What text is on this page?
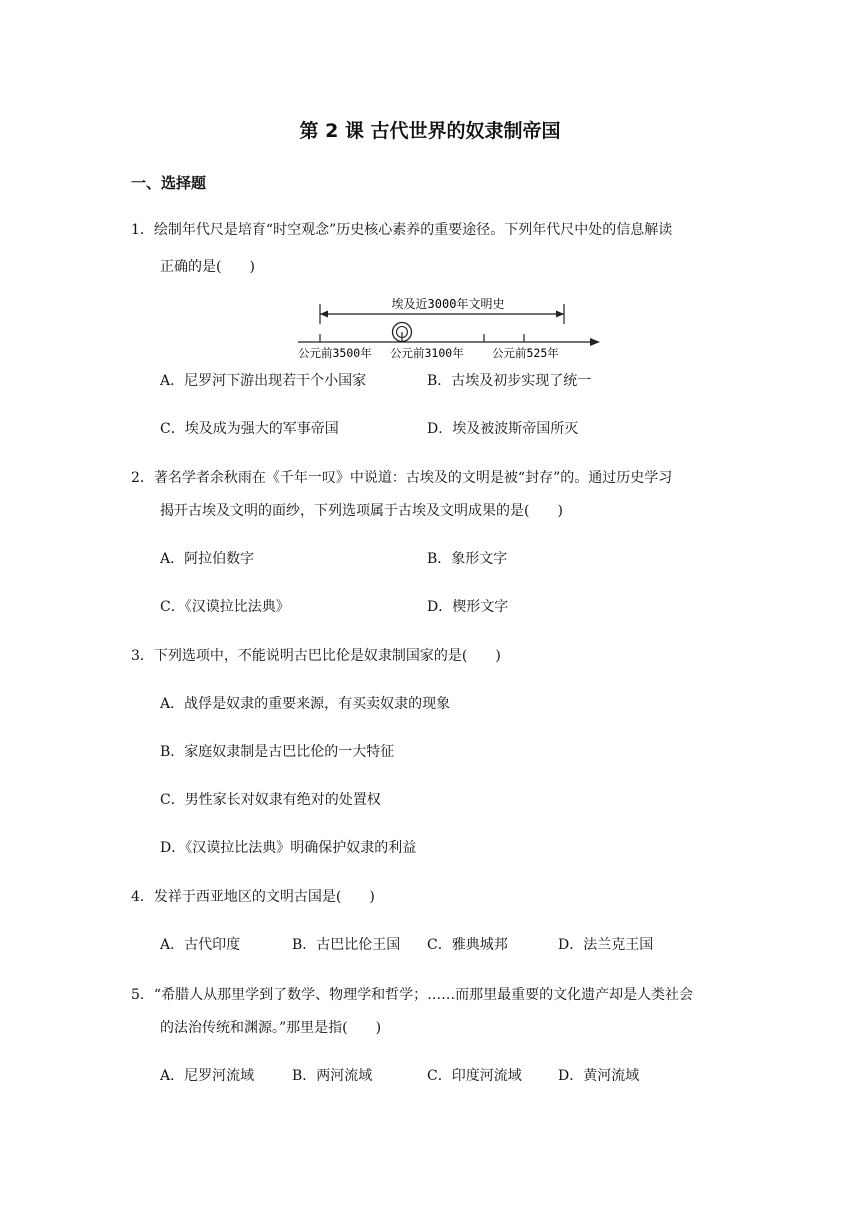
第 2 课 古代世界的奴隶制帝国
一、选择题
1．绘制年代尺是培育“时空观念”历史核心素养的重要途径。下列年代尺中处的信息解读
正确的是(　　)
埃及近3000年文明史
公元前3500年 公元前3100年 公元前525年
A．尼罗河下游出现若干个小国家	B．古埃及初步实现了统一
C．埃及成为强大的军事帝国	D．埃及被波斯帝国所灭
2．著名学者余秋雨在《千年一叹》中说道：古埃及的文明是被“封存”的。通过历史学习
揭开古埃及文明的面纱，下列选项属于古埃及文明成果的是(　　)
A．阿拉伯数字	B．象形文字
C．《汉谟拉比法典》	D．楔形文字
3．下列选项中，不能说明古巴比伦是奴隶制国家的是(　　)
A．战俘是奴隶的重要来源，有买卖奴隶的现象
B．家庭奴隶制是古巴比伦的一大特征
C．男性家长对奴隶有绝对的处置权
D．《汉谟拉比法典》明确保护奴隶的利益
4．发祥于西亚地区的文明古国是(　　)
A．古代印度	B．古巴比伦王国 C．雅典城邦	D．法兰克王国
5．“希腊人从那里学到了数学、物理学和哲学；……而那里最重要的文化遗产却是人类社会
的法治传统和渊源。”那里是指(　　)
A．尼罗河流域	B．两河流域	C．印度河流域	D．黄河流域
